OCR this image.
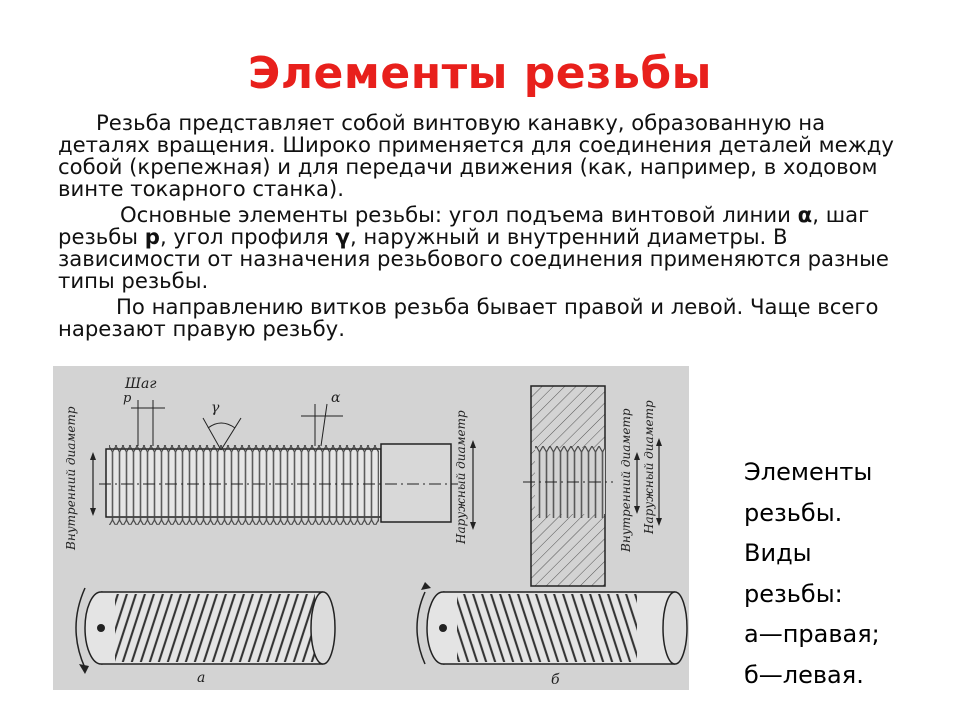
Элементы резьбы

Резьба представляет собой винтовую канавку, образованную на деталях вращения. Широко применяется для соединения деталей между собой (крепежная) и для передачи движения (как, например, в ходовом винте токарного станка).

Основные элементы резьбы: угол подъема винтовой линии α, шаг резьбы р, угол профиля γ, наружный и внутренний диаметры. В зависимости от назначения резьбового соединения применяются разные типы резьбы.

По направлению витков резьба бывает правой и левой. Чаще всего нарезают правую резьбу.

Шаг
p
γ
α
Внутренний диаметр	Наружный диаметр	Внутренний диаметр Наружный диаметр
а	б
Элементы
резьбы.
Виды
резьбы:
а—правая;
б—левая.
